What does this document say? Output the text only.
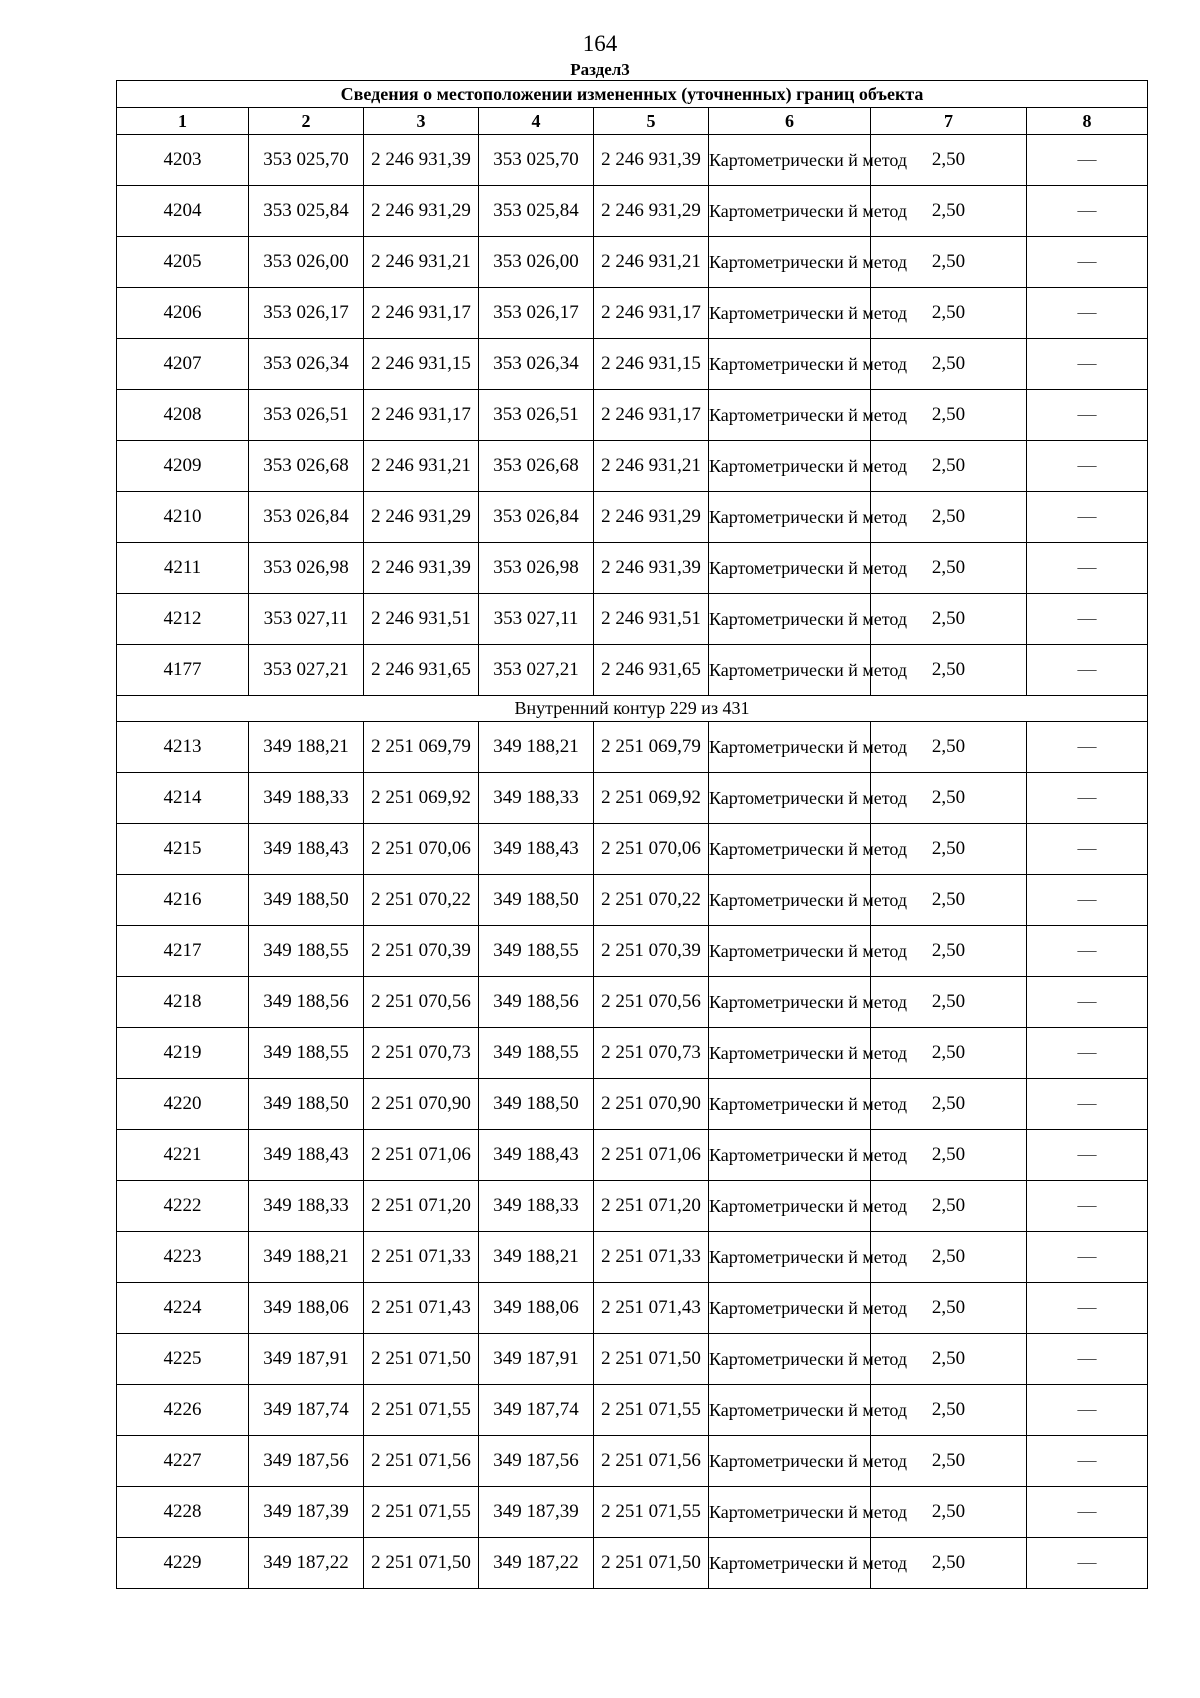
164
Раздел3
Сведения о местоположении измененных (уточненных) границ объекта							
1	2	3	4	5	6	7	8
4203	353 025,70	2 246 931,39	353 025,70	2 246 931,39	Картометрически й метод	2,50	—
4204	353 025,84	2 246 931,29	353 025,84	2 246 931,29	Картометрически й метод	2,50	—
4205	353 026,00	2 246 931,21	353 026,00	2 246 931,21	Картометрически й метод	2,50	—
4206	353 026,17	2 246 931,17	353 026,17	2 246 931,17	Картометрически й метод	2,50	—
4207	353 026,34	2 246 931,15	353 026,34	2 246 931,15	Картометрически й метод	2,50	—
4208	353 026,51	2 246 931,17	353 026,51	2 246 931,17	Картометрически й метод	2,50	—
4209	353 026,68	2 246 931,21	353 026,68	2 246 931,21	Картометрически й метод	2,50	—
4210	353 026,84	2 246 931,29	353 026,84	2 246 931,29	Картометрически й метод	2,50	—
4211	353 026,98	2 246 931,39	353 026,98	2 246 931,39	Картометрически й метод	2,50	—
4212	353 027,11	2 246 931,51	353 027,11	2 246 931,51	Картометрически й метод	2,50	—
4177	353 027,21	2 246 931,65	353 027,21	2 246 931,65	Картометрически й метод	2,50	—
Внутренний контур 229 из 431							
4213	349 188,21	2 251 069,79	349 188,21	2 251 069,79	Картометрически й метод	2,50	—
4214	349 188,33	2 251 069,92	349 188,33	2 251 069,92	Картометрически й метод	2,50	—
4215	349 188,43	2 251 070,06	349 188,43	2 251 070,06	Картометрически й метод	2,50	—
4216	349 188,50	2 251 070,22	349 188,50	2 251 070,22	Картометрически й метод	2,50	—
4217	349 188,55	2 251 070,39	349 188,55	2 251 070,39	Картометрически й метод	2,50	—
4218	349 188,56	2 251 070,56	349 188,56	2 251 070,56	Картометрически й метод	2,50	—
4219	349 188,55	2 251 070,73	349 188,55	2 251 070,73	Картометрически й метод	2,50	—
4220	349 188,50	2 251 070,90	349 188,50	2 251 070,90	Картометрически й метод	2,50	—
4221	349 188,43	2 251 071,06	349 188,43	2 251 071,06	Картометрически й метод	2,50	—
4222	349 188,33	2 251 071,20	349 188,33	2 251 071,20	Картометрически й метод	2,50	—
4223	349 188,21	2 251 071,33	349 188,21	2 251 071,33	Картометрически й метод	2,50	—
4224	349 188,06	2 251 071,43	349 188,06	2 251 071,43	Картометрически й метод	2,50	—
4225	349 187,91	2 251 071,50	349 187,91	2 251 071,50	Картометрически й метод	2,50	—
4226	349 187,74	2 251 071,55	349 187,74	2 251 071,55	Картометрически й метод	2,50	—
4227	349 187,56	2 251 071,56	349 187,56	2 251 071,56	Картометрически й метод	2,50	—
4228	349 187,39	2 251 071,55	349 187,39	2 251 071,55	Картометрически й метод	2,50	—
4229	349 187,22	2 251 071,50	349 187,22	2 251 071,50	Картометрически й метод	2,50	—
